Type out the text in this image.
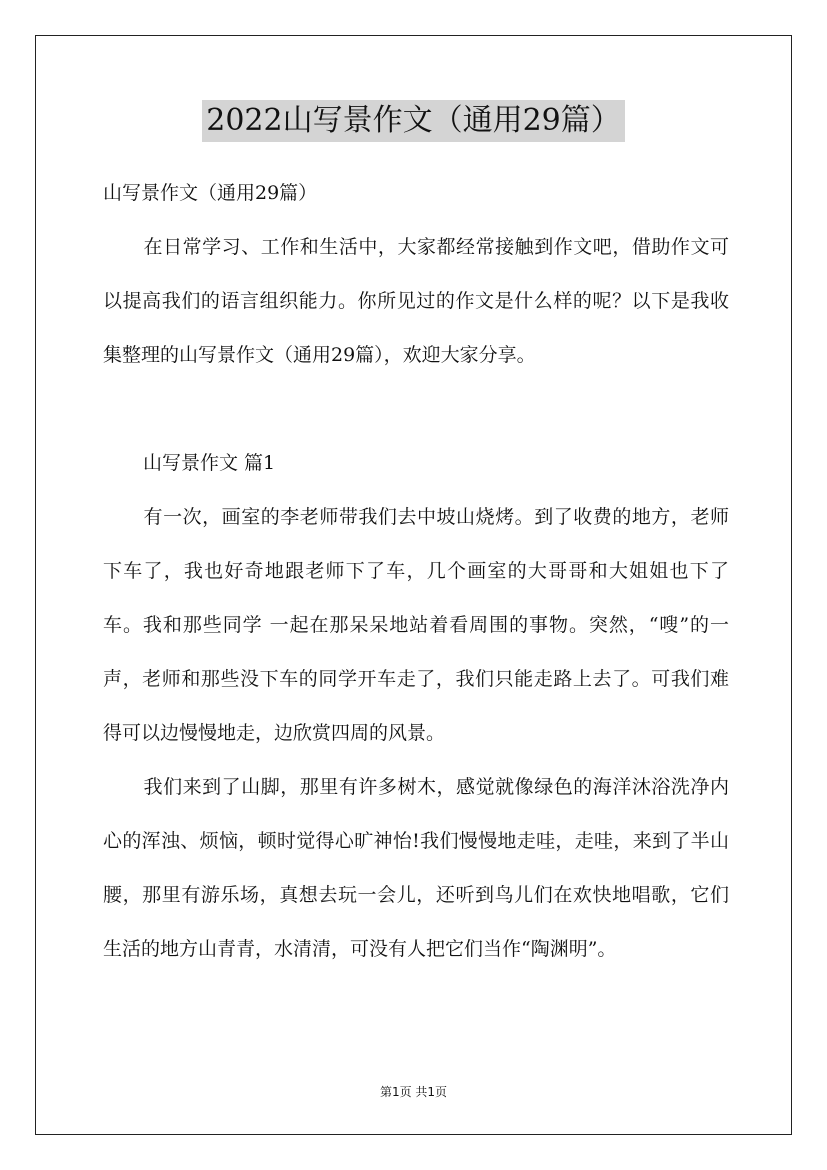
2022山写景作文（通用29篇）
山写景作文（通用29篇）

在日常学习、工作和生活中，大家都经常接触到作文吧，借助作文可以提高我们的语言组织能力。你所见过的作文是什么样的呢？以下是我收集整理的山写景作文（通用29篇），欢迎大家分享。

山写景作文 篇1

有一次，画室的李老师带我们去中坡山烧烤。到了收费的地方，老师下车了，我也好奇地跟老师下了车，几个画室的大哥哥和大姐姐也下了车。我和那些同学 一起在那呆呆地站着看周围的事物。突然，“嗖”的一声，老师和那些没下车的同学开车走了，我们只能走路上去了。可我们难得可以边慢慢地走，边欣赏四周的风景。

我们来到了山脚，那里有许多树木，感觉就像绿色的海洋沐浴洗净内心的浑浊、烦恼，顿时觉得心旷神怡!我们慢慢地走哇，走哇，来到了半山腰，那里有游乐场，真想去玩一会儿，还听到鸟儿们在欢快地唱歌，它们生活的地方山青青，水清清，可没有人把它们当作“陶渊明”。

第1页 共1页
